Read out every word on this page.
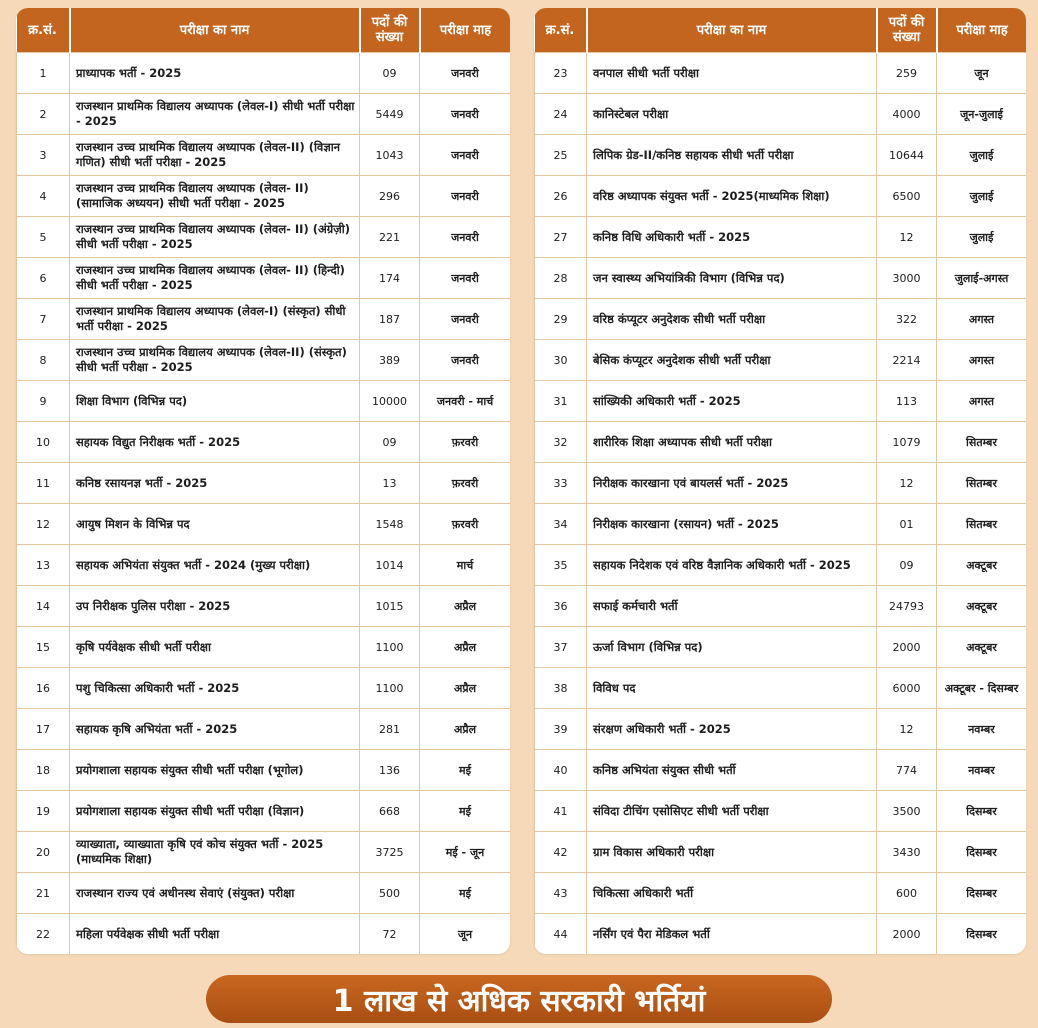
क्र.सं.	परीक्षा का नाम	पदों की संख्या	परीक्षा माह
1	प्राध्यापक भर्ती - 2025	09	जनवरी
2	राजस्थान प्राथमिक विद्यालय अध्यापक (लेवल-I) सीधी भर्ती परीक्षा - 2025	5449	जनवरी
3	राजस्थान उच्च प्राथमिक विद्यालय अध्यापक (लेवल-II) (विज्ञान गणित) सीधी भर्ती परीक्षा - 2025	1043	जनवरी
4	राजस्थान उच्च प्राथमिक विद्यालय अध्यापक (लेवल- II) (सामाजिक अध्ययन) सीधी भर्ती परीक्षा - 2025	296	जनवरी
5	राजस्थान उच्च प्राथमिक विद्यालय अध्यापक (लेवल- II) (अंग्रेज़ी) सीधी भर्ती परीक्षा - 2025	221	जनवरी
6	राजस्थान उच्च प्राथमिक विद्यालय अध्यापक (लेवल- II) (हिन्दी) सीधी भर्ती परीक्षा - 2025	174	जनवरी
7	राजस्थान प्राथमिक विद्यालय अध्यापक (लेवल-I) (संस्कृत) सीधी भर्ती परीक्षा - 2025	187	जनवरी
8	राजस्थान उच्च प्राथमिक विद्यालय अध्यापक (लेवल-II) (संस्कृत) सीधी भर्ती परीक्षा - 2025	389	जनवरी
9	शिक्षा विभाग (विभिन्न पद)	10000	जनवरी - मार्च
10	सहायक विद्युत निरीक्षक भर्ती - 2025	09	फ़रवरी
11	कनिष्ठ रसायनज्ञ भर्ती - 2025	13	फ़रवरी
12	आयुष मिशन के विभिन्न पद	1548	फ़रवरी
13	सहायक अभियंता संयुक्त भर्ती - 2024 (मुख्य परीक्षा)	1014	मार्च
14	उप निरीक्षक पुलिस परीक्षा - 2025	1015	अप्रैल
15	कृषि पर्यवेक्षक सीधी भर्ती परीक्षा	1100	अप्रैल
16	पशु चिकित्सा अधिकारी भर्ती - 2025	1100	अप्रैल
17	सहायक कृषि अभियंता भर्ती - 2025	281	अप्रैल
18	प्रयोगशाला सहायक संयुक्त सीधी भर्ती परीक्षा (भूगोल)	136	मई
19	प्रयोगशाला सहायक संयुक्त सीधी भर्ती परीक्षा (विज्ञान)	668	मई
20	व्याख्याता, व्याख्याता कृषि एवं कोच संयुक्त भर्ती - 2025 (माध्यमिक शिक्षा)	3725	मई - जून
21	राजस्थान राज्य एवं अधीनस्थ सेवाएं (संयुक्त) परीक्षा	500	मई
22	महिला पर्यवेक्षक सीधी भर्ती परीक्षा	72	जून
क्र.सं.	परीक्षा का नाम	पदों की संख्या	परीक्षा माह
23	वनपाल सीधी भर्ती परीक्षा	259	जून
24	कानिस्टेबल परीक्षा	4000	जून-जुलाई
25	लिपिक ग्रेड-II/कनिष्ठ सहायक सीधी भर्ती परीक्षा	10644	जुलाई
26	वरिष्ठ अध्यापक संयुक्त भर्ती - 2025(माध्यमिक शिक्षा)	6500	जुलाई
27	कनिष्ठ विधि अधिकारी भर्ती - 2025	12	जुलाई
28	जन स्वास्थ्य अभियांत्रिकी विभाग (विभिन्न पद)	3000	जुलाई-अगस्त
29	वरिष्ठ कंप्यूटर अनुदेशक सीधी भर्ती परीक्षा	322	अगस्त
30	बेसिक कंप्यूटर अनुदेशक सीधी भर्ती परीक्षा	2214	अगस्त
31	सांख्यिकी अधिकारी भर्ती - 2025	113	अगस्त
32	शारीरिक शिक्षा अध्यापक सीधी भर्ती परीक्षा	1079	सितम्बर
33	निरीक्षक कारखाना एवं बायलर्स भर्ती - 2025	12	सितम्बर
34	निरीक्षक कारखाना (रसायन) भर्ती - 2025	01	सितम्बर
35	सहायक निदेशक एवं वरिष्ठ वैज्ञानिक अधिकारी भर्ती - 2025	09	अक्टूबर
36	सफाई कर्मचारी भर्ती	24793	अक्टूबर
37	ऊर्जा विभाग (विभिन्न पद)	2000	अक्टूबर
38	विविध पद	6000	अक्टूबर - दिसम्बर
39	संरक्षण अधिकारी भर्ती - 2025	12	नवम्बर
40	कनिष्ठ अभियंता संयुक्त सीधी भर्ती	774	नवम्बर
41	संविदा टीचिंग एसोसिएट सीधी भर्ती परीक्षा	3500	दिसम्बर
42	ग्राम विकास अधिकारी परीक्षा	3430	दिसम्बर
43	चिकित्सा अधिकारी भर्ती	600	दिसम्बर
44	नर्सिंग एवं पैरा मेडिकल भर्ती	2000	दिसम्बर
1 लाख से अधिक सरकारी भर्तियां
